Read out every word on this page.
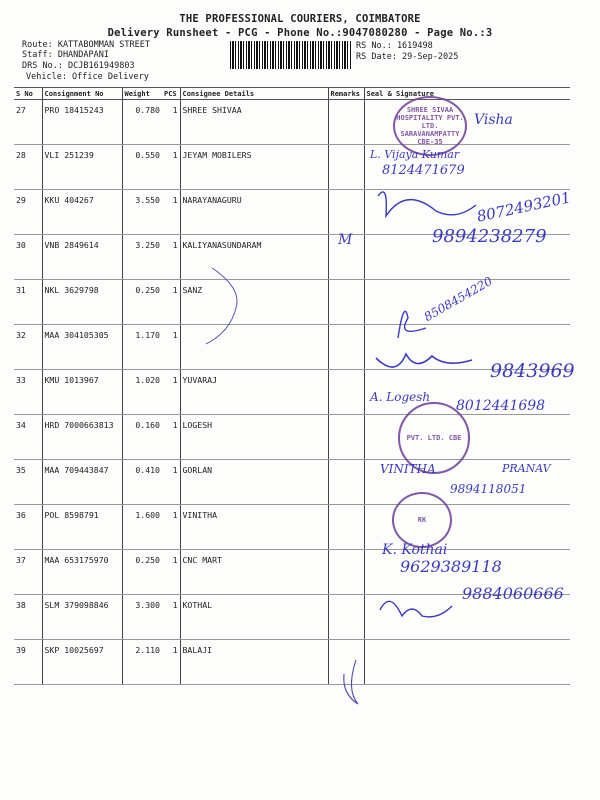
THE PROFESSIONAL COURIERS, COIMBATORE
Delivery Runsheet - PCG - Phone No.:9047080280 - Page No.:3
Route: KATTABOMMAN STREET
Staff: DHANDAPANI
DRS No.: DCJB161949803
Vehicle: Office Delivery
RS No.: 1619498
RS Date: 29-Sep-2025
S No	Consignment No	Weight	PCS	Consignee Details	Remarks	Seal & Signature
27	PRO 18415243	0.780	1	SHREE SHIVAA		
28	VLI 251239	0.550	1	JEYAM MOBILERS		
29	KKU 404267	3.550	1	NARAYANAGURU		
30	VNB 2849614	3.250	1	KALIYANASUNDARAM		
31	NKL 3629798	0.250	1	SANZ		
32	MAA 304105305	1.170	1			
33	KMU 1013967	1.020	1	YUVARAJ		
34	HRD 7000663813	0.160	1	LOGESH		
35	MAA 709443847	0.410	1	GORLAN		
36	POL 8598791	1.600	1	VINITHA		
37	MAA 653175970	0.250	1	CNC MART		
38	SLM 379098846	3.300	1	KOTHAL		
39	SKP 10025697	2.110	1	BALAJI		
SHREE SIVAA HOSPITALITY PVT. LTD. SARAVANAMPATTY CBE-35
PVT. LTD. CBE
RK
Visha
L. Vijaya Kumar
8124471679
8072493201
M	9894238279
8508454220
9843969
A. Logesh
8012441698
VINITHA	PRANAV
9894118051
K. Kothai
9629389118
9884060666
